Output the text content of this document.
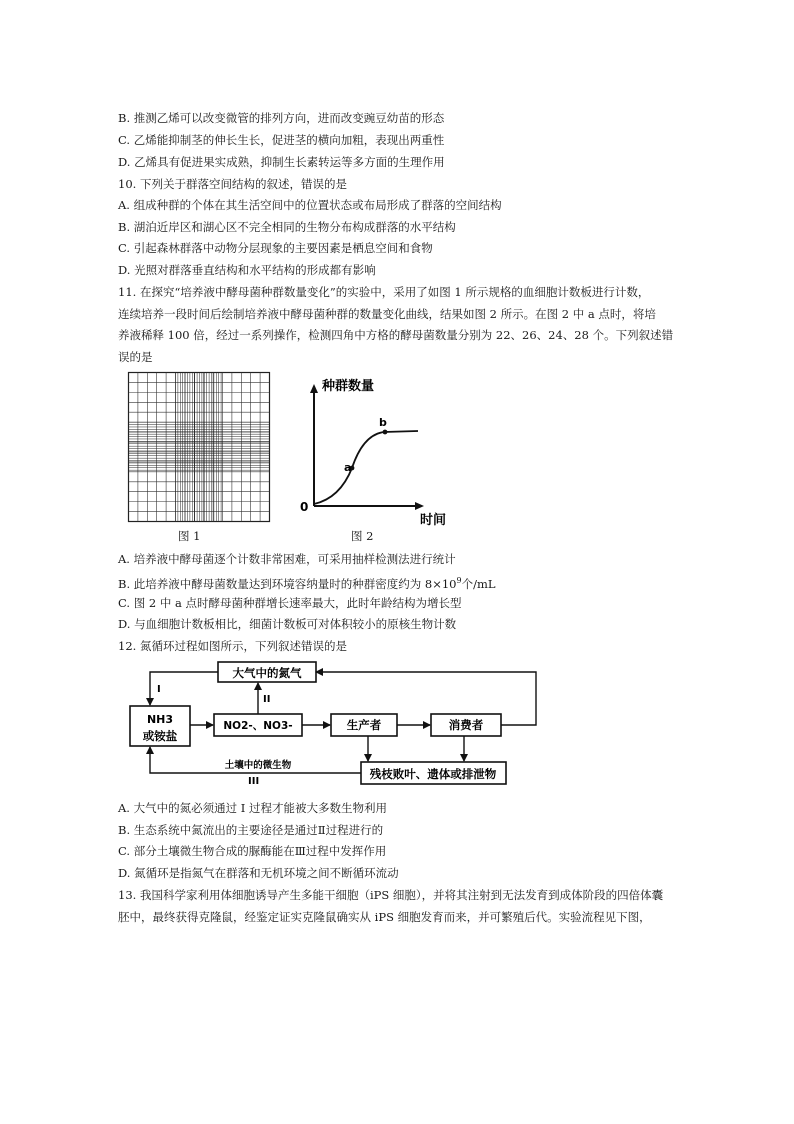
B. 推测乙烯可以改变微管的排列方向，进而改变豌豆幼苗的形态
C. 乙烯能抑制茎的伸长生长，促进茎的横向加粗，表现出两重性
D. 乙烯具有促进果实成熟，抑制生长素转运等多方面的生理作用
10. 下列关于群落空间结构的叙述，错误的是
A. 组成种群的个体在其生活空间中的位置状态或布局形成了群落的空间结构
B. 湖泊近岸区和湖心区不完全相同的生物分布构成群落的水平结构
C. 引起森林群落中动物分层现象的主要因素是栖息空间和食物
D. 光照对群落垂直结构和水平结构的形成都有影响
11. 在探究“培养液中酵母菌种群数量变化”的实验中，采用了如图 1 所示规格的血细胞计数板进行计数，
连续培养一段时间后绘制培养液中酵母菌种群的数量变化曲线，结果如图 2 所示。在图 2 中 a 点时，将培
养液稀释 100 倍，经过一系列操作，检测四角中方格的酵母菌数量分别为 22、26、24、28 个。下列叙述错
误的是
图 1
种群数量
时间
0
a
b
图 2
A. 培养液中酵母菌逐个计数非常困难，可采用抽样检测法进行统计
B. 此培养液中酵母菌数量达到环境容纳量时的种群密度约为 $8\times 10^9$个/mL
C. 图 2 中 a 点时酵母菌种群增长速率最大，此时年龄结构为增长型
D. 与血细胞计数板相比，细菌计数板可对体积较小的原核生物计数
12. 氮循环过程如图所示，下列叙述错误的是
大气中的氮气
NH3
或铵盐
NO2-、NO3-	生产者	消费者
残枝败叶、遗体或排泄物
土壤中的微生物
I
II
III
A. 大气中的氮必须通过 I 过程才能被大多数生物利用
B. 生态系统中氮流出的主要途径是通过Ⅱ过程进行的
C. 部分土壤微生物合成的脲酶能在Ⅲ过程中发挥作用
D. 氮循环是指氮气在群落和无机环境之间不断循环流动
13. 我国科学家利用体细胞诱导产生多能干细胞（iPS 细胞），并将其注射到无法发育到成体阶段的四倍体囊
胚中，最终获得克隆鼠，经鉴定证实克隆鼠确实从 iPS 细胞发育而来，并可繁殖后代。实验流程见下图，
